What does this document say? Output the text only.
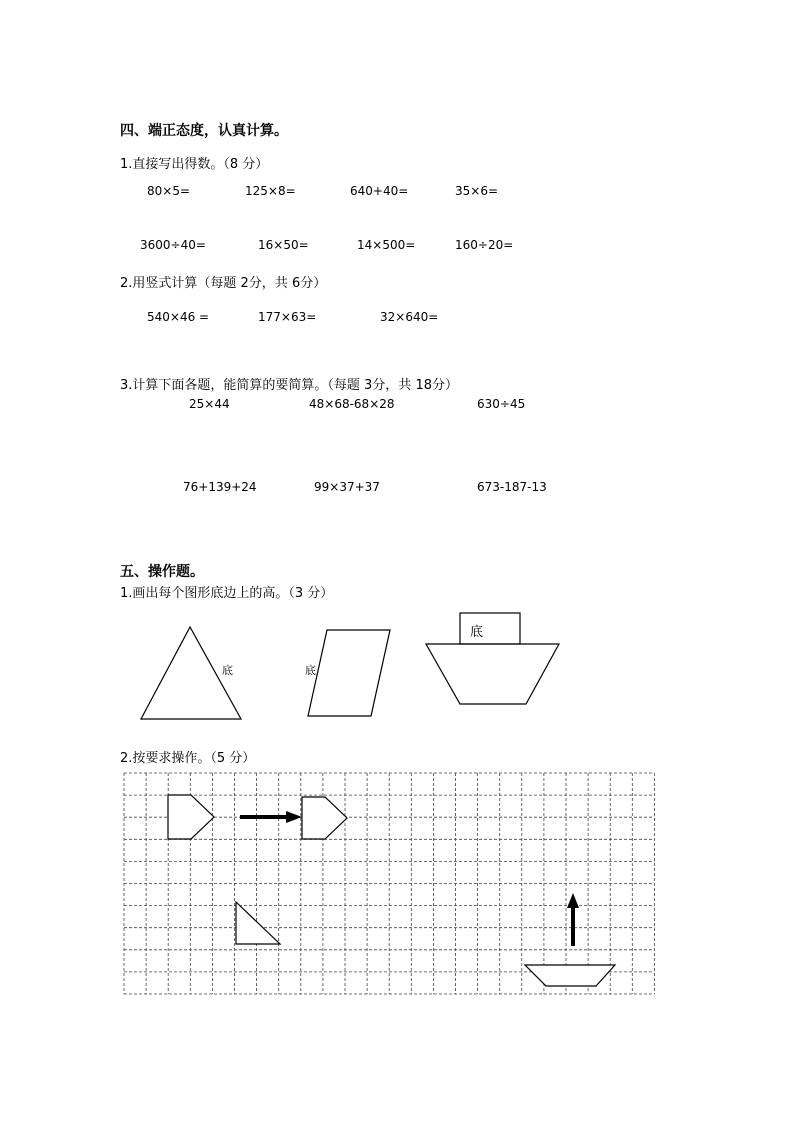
四、端正态度，认真计算。
1.直接写出得数。（8 分）
80×5=	125×8=	640+40=	35×6=
3600÷40=	16×50=	14×500=	160÷20=
2.用竖式计算（每题 2分，共 6分）
540×46 =	177×63=	32×640=
3.计算下面各题，能简算的要简算。（每题 3分，共 18分）
25×44	48×68-68×28	630÷45
76+139+24	99×37+37	673-187-13
五、操作题。
1.画出每个图形底边上的高。（3 分）
底	底
底
2.按要求操作。（5 分）
